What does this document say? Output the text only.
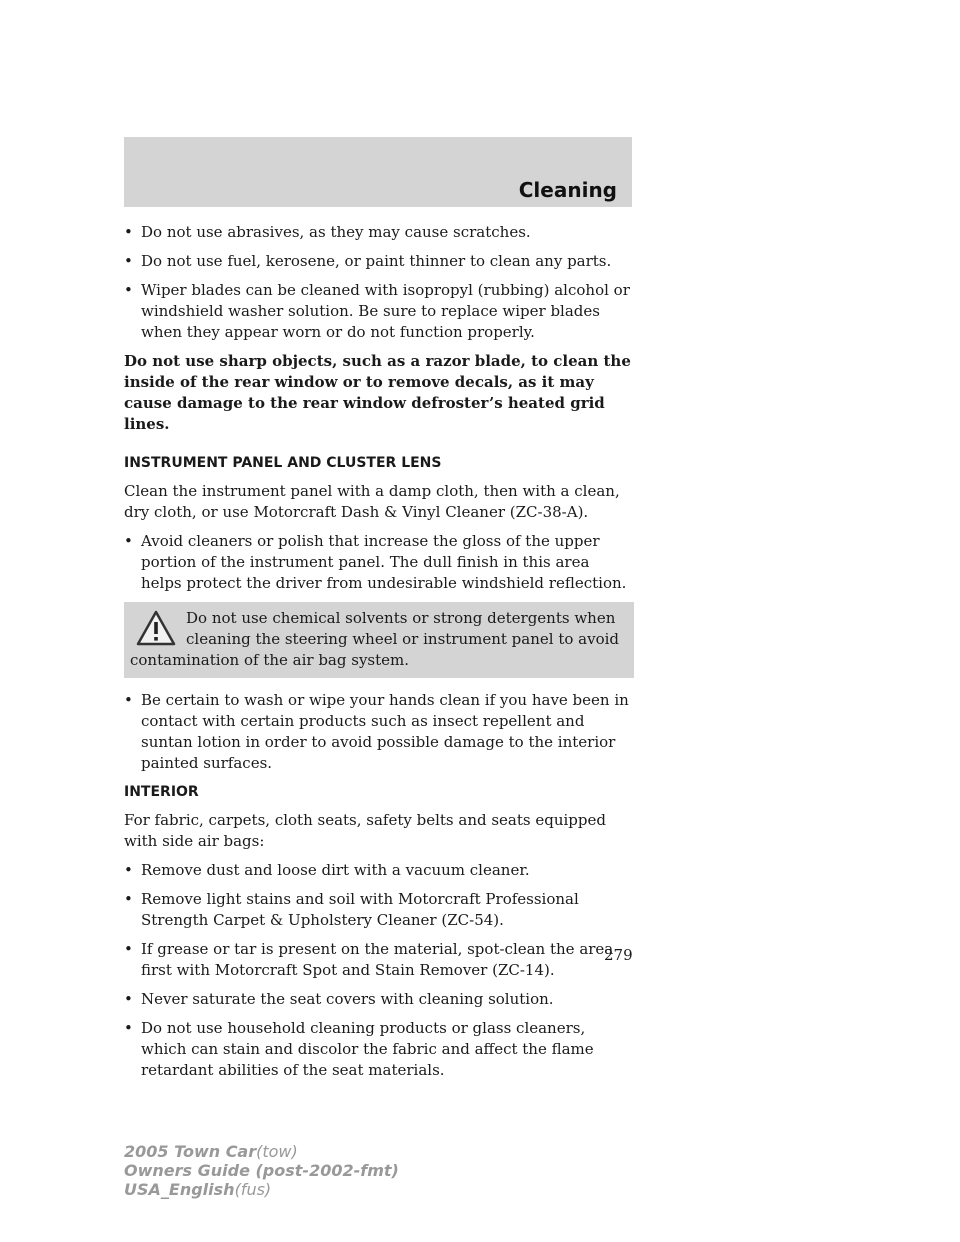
Cleaning
• Do not use abrasives, as they may cause scratches.
• Do not use fuel, kerosene, or paint thinner to clean any parts.
• Wiper blades can be cleaned with isopropyl (rubbing) alcohol or windshield washer solution. Be sure to replace wiper blades when they appear worn or do not function properly.

Do not use sharp objects, such as a razor blade, to clean the inside of the rear window or to remove decals, as it may cause damage to the rear window defroster’s heated grid lines.

INSTRUMENT PANEL AND CLUSTER LENS

Clean the instrument panel with a damp cloth, then with a clean, dry cloth, or use Motorcraft Dash & Vinyl Cleaner (ZC-38-A).

• Avoid cleaners or polish that increase the gloss of the upper portion of the instrument panel. The dull finish in this area helps protect the driver from undesirable windshield reflection.
Do not use chemical solvents or strong detergents when cleaning the steering wheel or instrument panel to avoid contamination of the air bag system.
• Be certain to wash or wipe your hands clean if you have been in contact with certain products such as insect repellent and suntan lotion in order to avoid possible damage to the interior painted surfaces.
INTERIOR

For fabric, carpets, cloth seats, safety belts and seats equipped with side air bags:

• Remove dust and loose dirt with a vacuum cleaner.
• Remove light stains and soil with Motorcraft Professional Strength Carpet & Upholstery Cleaner (ZC-54).
• If grease or tar is present on the material, spot-clean the area first with Motorcraft Spot and Stain Remover (ZC-14).
• Never saturate the seat covers with cleaning solution.
• Do not use household cleaning products or glass cleaners, which can stain and discolor the fabric and affect the flame retardant abilities of the seat materials.
279
2005 Town Car(tow)
Owners Guide (post-2002-fmt)
USA_English(fus)
